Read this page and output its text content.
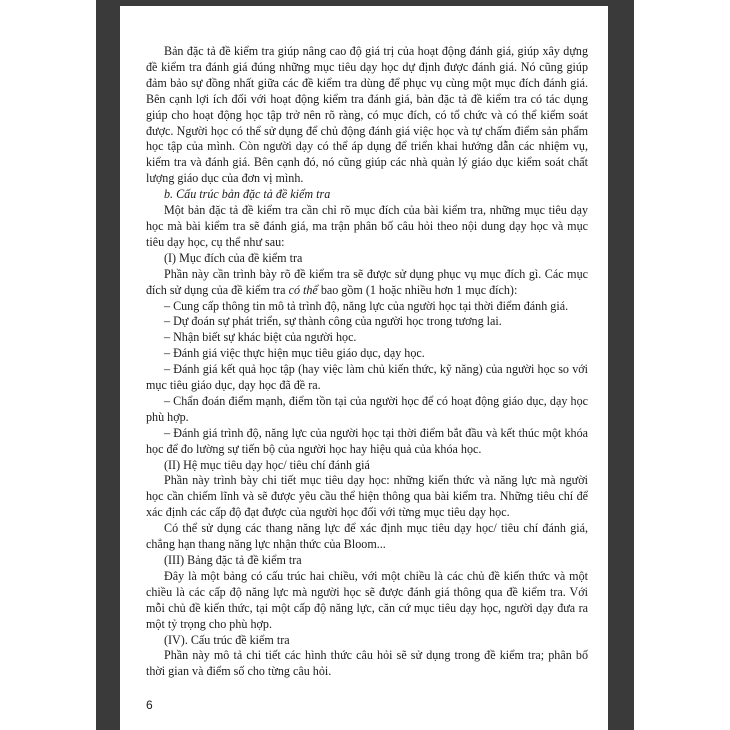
Bản đặc tả đề kiểm tra giúp nâng cao độ giá trị của hoạt động đánh giá, giúp xây dựng đề kiểm tra đánh giá đúng những mục tiêu dạy học dự định được đánh giá. Nó cũng giúp đảm bảo sự đồng nhất giữa các đề kiểm tra dùng để phục vụ cùng một mục đích đánh giá. Bên cạnh lợi ích đối với hoạt động kiểm tra đánh giá, bản đặc tả đề kiểm tra có tác dụng giúp cho hoạt động học tập trở nên rõ ràng, có mục đích, có tổ chức và có thể kiểm soát được. Người học có thể sử dụng để chủ động đánh giá việc học và tự chấm điểm sản phẩm học tập của mình. Còn người dạy có thể áp dụng để triển khai hướng dẫn các nhiệm vụ, kiểm tra và đánh giá. Bên cạnh đó, nó cũng giúp các nhà quản lý giáo dục kiểm soát chất lượng giáo dục của đơn vị mình.

b. Cấu trúc bản đặc tả đề kiểm tra

Một bản đặc tả đề kiểm tra cần chỉ rõ mục đích của bài kiểm tra, những mục tiêu dạy học mà bài kiểm tra sẽ đánh giá, ma trận phân bố câu hỏi theo nội dung dạy học và mục tiêu dạy học, cụ thể như sau:

(I) Mục đích của đề kiểm tra

Phần này cần trình bày rõ đề kiểm tra sẽ được sử dụng phục vụ mục đích gì. Các mục đích sử dụng của đề kiểm tra có thể bao gồm (1 hoặc nhiều hơn 1 mục đích):

– Cung cấp thông tin mô tả trình độ, năng lực của người học tại thời điểm đánh giá.

– Dự đoán sự phát triển, sự thành công của người học trong tương lai.

– Nhận biết sự khác biệt của người học.

– Đánh giá việc thực hiện mục tiêu giáo dục, dạy học.

– Đánh giá kết quả học tập (hay việc làm chủ kiến thức, kỹ năng) của người học so với mục tiêu giáo dục, dạy học đã đề ra.

– Chẩn đoán điểm mạnh, điểm tồn tại của người học để có hoạt động giáo dục, dạy học phù hợp.

– Đánh giá trình độ, năng lực của người học tại thời điểm bắt đầu và kết thúc một khóa học để đo lường sự tiến bộ của người học hay hiệu quả của khóa học.

(II) Hệ mục tiêu dạy học/ tiêu chí đánh giá

Phần này trình bày chi tiết mục tiêu dạy học: những kiến thức và năng lực mà người học cần chiếm lĩnh và sẽ được yêu cầu thể hiện thông qua bài kiểm tra. Những tiêu chí để xác định các cấp độ đạt được của người học đối với từng mục tiêu dạy học.

Có thể sử dụng các thang năng lực để xác định mục tiêu dạy học/ tiêu chí đánh giá, chẳng hạn thang năng lực nhận thức của Bloom...

(III) Bảng đặc tả đề kiểm tra

Đây là một bảng có cấu trúc hai chiều, với một chiều là các chủ đề kiến thức và một chiều là các cấp độ năng lực mà người học sẽ được đánh giá thông qua đề kiểm tra. Với mỗi chủ đề kiến thức, tại một cấp độ năng lực, căn cứ mục tiêu dạy học, người dạy đưa ra một tỷ trọng cho phù hợp.

(IV). Cấu trúc đề kiểm tra

Phần này mô tả chi tiết các hình thức câu hỏi sẽ sử dụng trong đề kiểm tra; phân bố thời gian và điểm số cho từng câu hỏi.

6
